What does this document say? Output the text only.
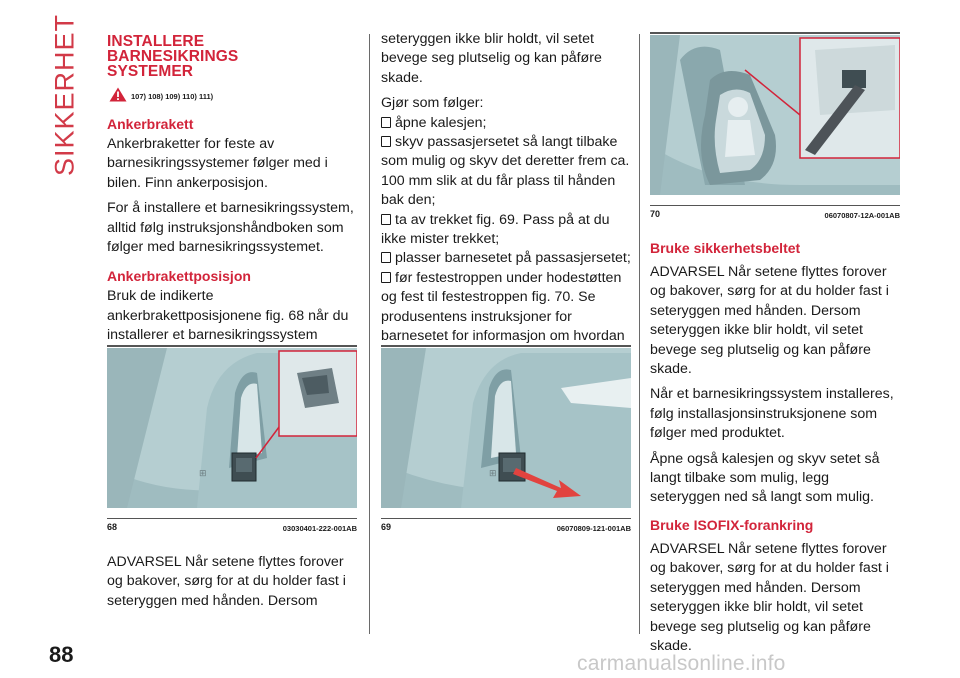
SIKKERHET INSTALLERE
BARNESIKRINGS
SYSTEMER
107) 108) 109) 110) 111)
Ankerbrakett

Ankerbraketter for feste av barnesikringssystemer følger med i bilen. Finn ankerposisjon.

For å installere et barnesikringssystem, alltid følg instruksjonshåndboken som følger med barnesikringssystemet.

Ankerbrakettposisjon

Bruk de indikerte ankerbrakettposisjonene fig. 68 når du installerer et barnesikringssystem

ADVARSEL Når setene flyttes forover og bakover, sørg for at du holder fast i seteryggen med hånden. Dersom

⊞
68	03030401-222-001AB

seteryggen ikke blir holdt, vil setet bevege seg plutselig og kan påføre skade.

Gjør som følger:

åpne kalesjen;
skyv passasjersetet så langt tilbake som mulig og skyv det deretter frem ca. 100 mm slik at du får plass til hånden bak den;
ta av trekket fig. 69. Pass på at du ikke mister trekket;
plasser barnesetet på passasjersetet;
før festestroppen under hodestøtten og fest til festestroppen fig. 70. Se produsentens instruksjoner for barnesetet for informasjon om hvordan

⊞
69	06070809-121-001AB
70	06070807-12A-001AB
Bruke sikkerhetsbeltet

ADVARSEL Når setene flyttes forover og bakover, sørg for at du holder fast i seteryggen med hånden. Dersom seteryggen ikke blir holdt, vil setet bevege seg plutselig og kan påføre skade.

Når et barnesikringssystem installeres, følg installasjonsinstruksjonene som følger med produktet.

Åpne også kalesjen og skyv setet så langt tilbake som mulig, legg seteryggen ned så langt som mulig.

Bruke ISOFIX-forankring

ADVARSEL Når setene flyttes forover og bakover, sørg for at du holder fast i seteryggen med hånden. Dersom seteryggen ikke blir holdt, vil setet bevege seg plutselig og kan påføre skade.

88	carmanualsonline.info
